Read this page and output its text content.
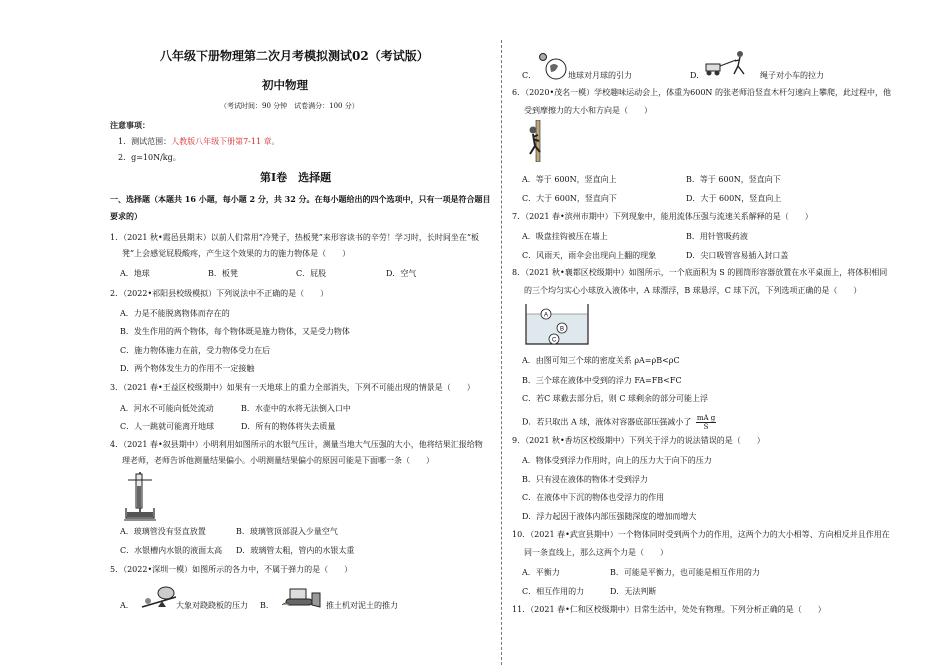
八年级下册物理第二次月考模拟测试02（考试版）
初中物理
（考试时间：90 分钟　试卷满分：100 分）
注意事项：
1．测试范围：人教版八年级下册第7-11 章。
2．g=10N/kg。
第Ⅰ卷　选择题
一、选择题（本题共 16 小题，每小题 2 分，共 32 分。在每小题给出的四个选项中，只有一项是符合题目
要求的）
1．（2021 秋•霞邑县期末）以前人们常用“冷凳子，热板凳”来形容读书的辛劳！学习时，长时间坐在“板
凳”上会感觉屁股酸疼，产生这个效果的力的施力物体是（　　）
A．地球	B．板凳	C．屁股	D．空气
2．（2022•祁阳县校级模拟）下列说法中不正确的是（　　）
A．力是不能脱离物体而存在的
B．发生作用的两个物体，每个物体既是施力物体，又是受力物体
C．施力物体施力在前，受力物体受力在后
D．两个物体发生力的作用不一定接触
3．（2021 春•王益区校级期中）如果有一天地球上的重力全部消失，下列不可能出现的情景是（　　）
A．河水不可能向低处流动	B．水壶中的水将无法倒入口中
C．人一跳就可能离开地球	D．所有的物体将失去质量
4．（2021 春•叙县期中）小明利用如图所示的水银气压计，测量当地大气压强的大小，他将结果汇报给物
理老师，老师告诉他测量结果偏小。小明测量结果偏小的原因可能是下面哪一条（　　）
A．玻璃管没有竖直放置	B．玻璃管顶部混入少量空气
C．水银槽内水银的液面太高 D．玻璃管太粗，管内的水银太重
5．（2022•深圳一模）如图所示的各力中，不属于弹力的是（　　）
A．	大象对跷跷板的压力 B．	推土机对泥土的推力
C．	地球对月球的引力	D．	绳子对小车的拉力
6．（2020•茂名一模）学校趣味运动会上，体重为600N 的张老师沿竖直木杆匀速向上攀爬，此过程中，他
受到摩擦力的大小和方向是（　　）
A．等于 600N，竖直向上	B．等于 600N，竖直向下
C．大于 600N，竖直向下	D．大于 600N，竖直向上
7．（2021 春•滨州市期中）下列现象中，能用流体压强与流速关系解释的是（　　）
A．吸盘挂钩被压在墙上	B．用针管吸药液
C．风雨天，雨伞会出现向上翻的现象	D．尖口吸管容易插入封口盖
8．（2021 秋•襄都区校级期中）如图所示，一个底面积为 S 的圆筒形容器放置在水平桌面上，将体积相同
的三个均匀实心小球放入液体中，A 球漂浮，B 球悬浮，C 球下沉，下列选项正确的是（　　）
A
B
C
A．由图可知三个球的密度关系 ρA=ρB<ρC
B．三个球在液体中受到的浮力 FA=FB<FC
C．若C 球截去部分后，则 C 球剩余的部分可能上浮
D．若只取出 A 球，液体对容器底部压强减小了 $\frac{\text{mA g}}{S}$
9．（2021 秋•香坊区校级期中）下列关于浮力的说法错误的是（　　）
A．物体受到浮力作用时，向上的压力大于向下的压力
B．只有浸在液体的物体才受到浮力
C．在液体中下沉的物体也受浮力的作用
D．浮力起因于液体内部压强随深度的增加而增大
10．（2021 春•武宣县期中）一个物体同时受到两个力的作用，这两个力的大小相等、方向相反并且作用在
同一条直线上，那么这两个力是（　　）
A．平衡力	B．可能是平衡力，也可能是相互作用的力
C．相互作用的力	D．无法判断
11．（2021 春•仁和区校级期中）日常生活中，处处有物理。下列分析正确的是（　　）
